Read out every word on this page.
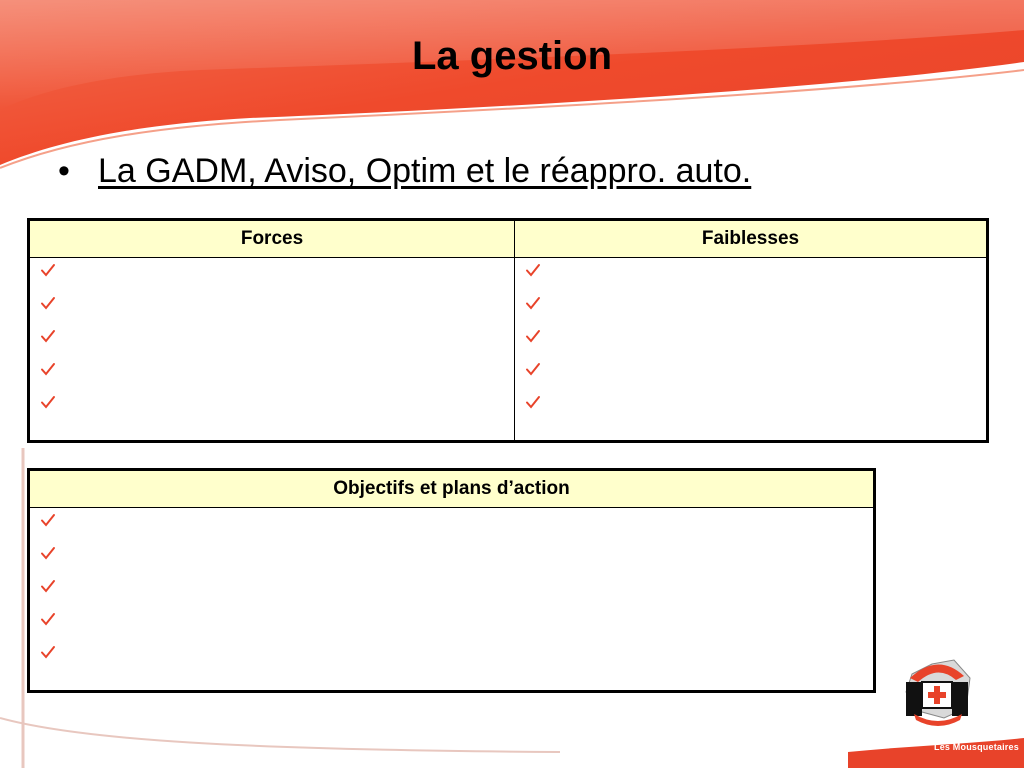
La gestion
• La GADM, Aviso, Optim et le réappro. auto.
Forces	Faiblesses

Objectifs et plans d’action

Les Mousquetaires
